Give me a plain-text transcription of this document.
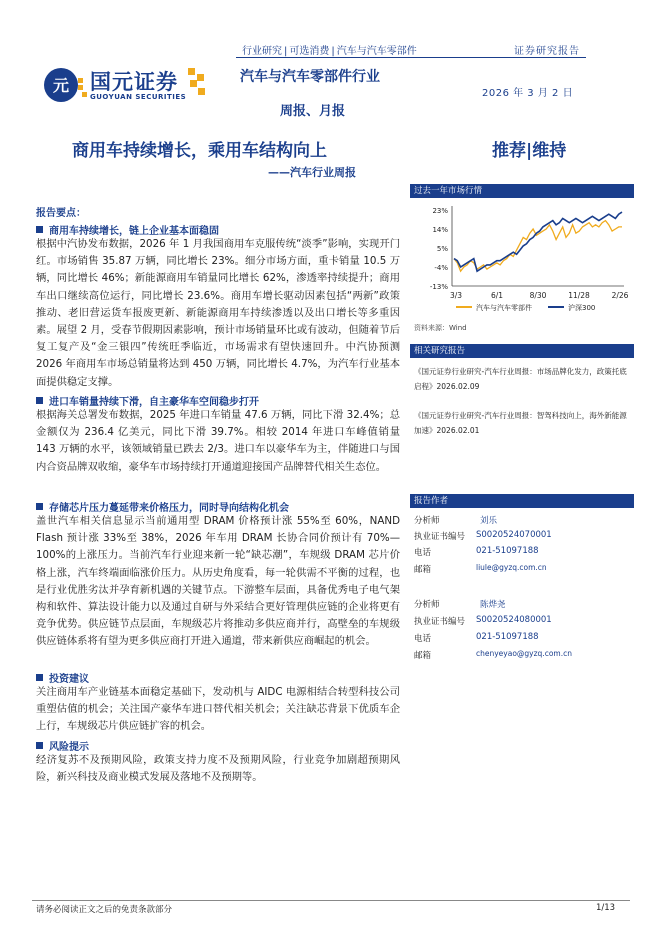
行业研究 | 可选消费 | 汽车与汽车零部件	证券研究报告
元 国元证券
GUOYUAN SECURITIES
汽车与汽车零部件行业
2026 年 3 月 2 日
周报、月报
商用车持续增长，乘用车结构向上
——汽车行业周报
推荐|维持
报告要点：
商用车持续增长，链上企业基本面稳固
根据中汽协发布数据，2026 年 1 月我国商用车克服传统“淡季”影响，实现开门红。市场销售 35.87 万辆，同比增长 23%。细分市场方面，重卡销量 10.5 万辆，同比增长 46%；新能源商用车销量同比增长 62%，渗透率持续提升；商用车出口继续高位运行，同比增长 23.6%。商用车增长驱动因素包括“两新”政策推动、老旧营运货车报废更新、新能源商用车持续渗透以及出口增长等多重因素。展望 2 月，受春节假期因素影响，预计市场销量环比或有波动，但随着节后复工复产及“金三银四”传统旺季临近，市场需求有望快速回升。中汽协预测 2026 年商用车市场总销量将达到 450 万辆，同比增长 4.7%，为汽车行业基本面提供稳定支撑。
进口车销量持续下滑，自主豪华车空间稳步打开
根据海关总署发布数据，2025 年进口车销量 47.6 万辆，同比下滑 32.4%；总金额仅为 236.4 亿美元，同比下滑 39.7%。相较 2014 年进口车峰值销量 143 万辆的水平，该领域销量已跌去 2/3。进口车以豪华车为主，伴随进口与国内合资品牌双收缩，豪华车市场持续打开通道迎接国产品牌替代相关生态位。
存储芯片压力蔓延带来价格压力，同时导向结构化机会
盖世汽车相关信息显示当前通用型 DRAM 价格预计涨 55%至 60%，NAND Flash 预计涨 33%至 38%，2026 年车用 DRAM 长协合同价预计有 70%—100%的上涨压力。当前汽车行业迎来新一轮“缺芯潮”，车规级 DRAM 芯片价格上涨，汽车终端面临涨价压力。从历史角度看，每一轮供需不平衡的过程，也是行业优胜劣汰并孕育新机遇的关键节点。下游整车层面，具备优秀电子电气架构和软件、算法设计能力以及通过自研与外采结合更好管理供应链的企业将更有竞争优势。供应链节点层面，车规级芯片将推动多供应商并行，高壁垒的车规级供应链体系将有望为更多供应商打开进入通道，带来新供应商崛起的机会。
投资建议
关注商用车产业链基本面稳定基础下，发动机与 AIDC 电源相结合转型科技公司重塑估值的机会；关注国产豪华车进口替代相关机会；关注缺芯背景下优质车企上行，车规级芯片供应链扩容的机会。
风险提示
经济复苏不及预期风险，政策支持力度不及预期风险，行业竞争加剧超预期风险，新兴科技及商业模式发展及落地不及预期等。
过去一年市场行情
23%
14%
5%
-4%
-13%
3/3	6/1	8/30	11/28	2/26
汽车与汽车零部件	沪深300
资料来源：Wind
相关研究报告
《国元证券行业研究-汽车行业周报：市场品牌化发力，政策托底启程》2026.02.09
《国元证券行业研究-汽车行业周报：智驾科技向上，海外新能源加速》2026.02.01
报告作者
分析师	刘乐
执业证书编号 S0020524070001
电话	021-51097188
邮箱	liule@gyzq.com.cn
分析师	陈烨尧
执业证书编号 S0020524080001
电话	021-51097188
邮箱	chenyeyao@gyzq.com.cn
请务必阅读正文之后的免责条款部分	1/13
